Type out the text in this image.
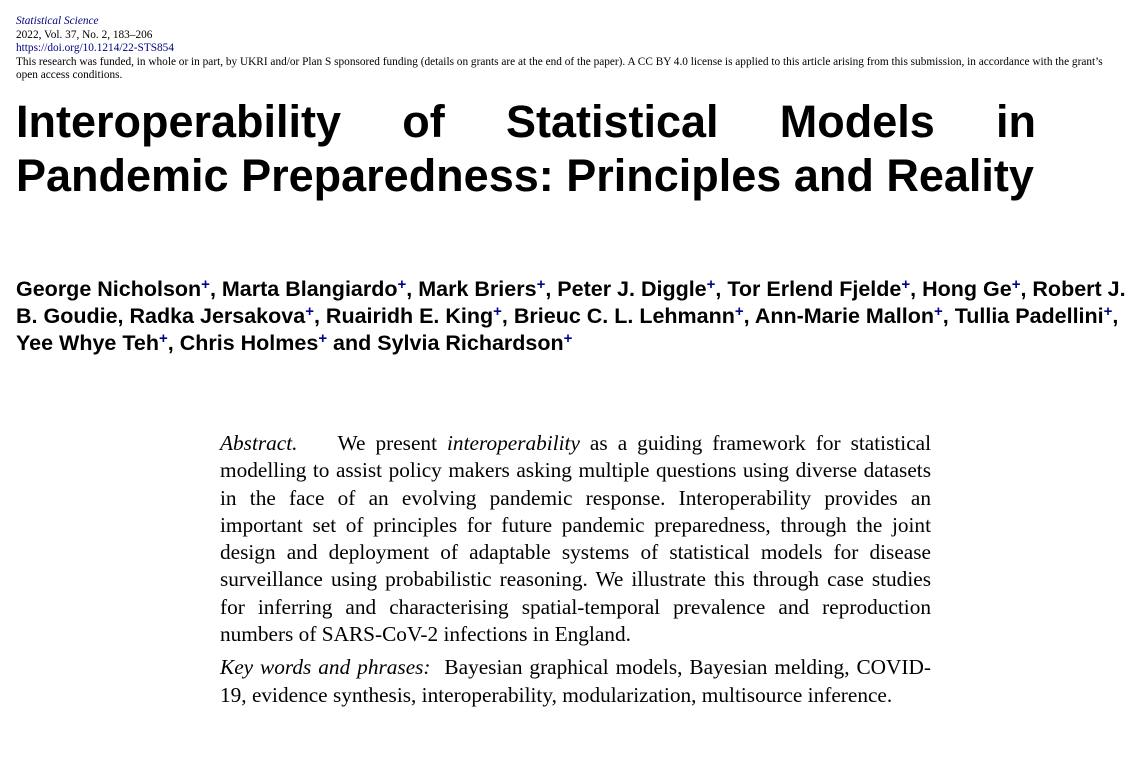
Statistical Science
2022, Vol. 37, No. 2, 183–206
https://doi.org/10.1214/22-STS854
This research was funded, in whole or in part, by UKRI and/or Plan S sponsored funding (details on grants are at the end of the paper). A CC BY 4.0 license is applied to this article arising from this submission, in accordance with the grant’s open access conditions.
Interoperability of Statistical Models in Pandemic Preparedness: Principles and Reality
George Nicholson+, Marta Blangiardo+, Mark Briers+, Peter J. Diggle+, Tor Erlend Fjelde+, Hong Ge+, Robert J. B. Goudie, Radka Jersakova+, Ruairidh E. King+, Brieuc C. L. Lehmann+, Ann-Marie Mallon+, Tullia Padellini+, Yee Whye Teh+, Chris Holmes+ and Sylvia Richardson+

Abstract. We present interoperability as a guiding framework for statistical modelling to assist policy makers asking multiple questions using diverse datasets in the face of an evolving pandemic response. Interoperability provides an important set of principles for future pandemic preparedness, through the joint design and deployment of adaptable systems of statistical models for disease surveillance using probabilistic reasoning. We illustrate this through case studies for inferring and characterising spatial-temporal prevalence and reproduction numbers of SARS-CoV-2 infections in England.

Key words and phrases: Bayesian graphical models, Bayesian melding, COVID-19, evidence synthesis, interoperability, modularization, multisource inference.
